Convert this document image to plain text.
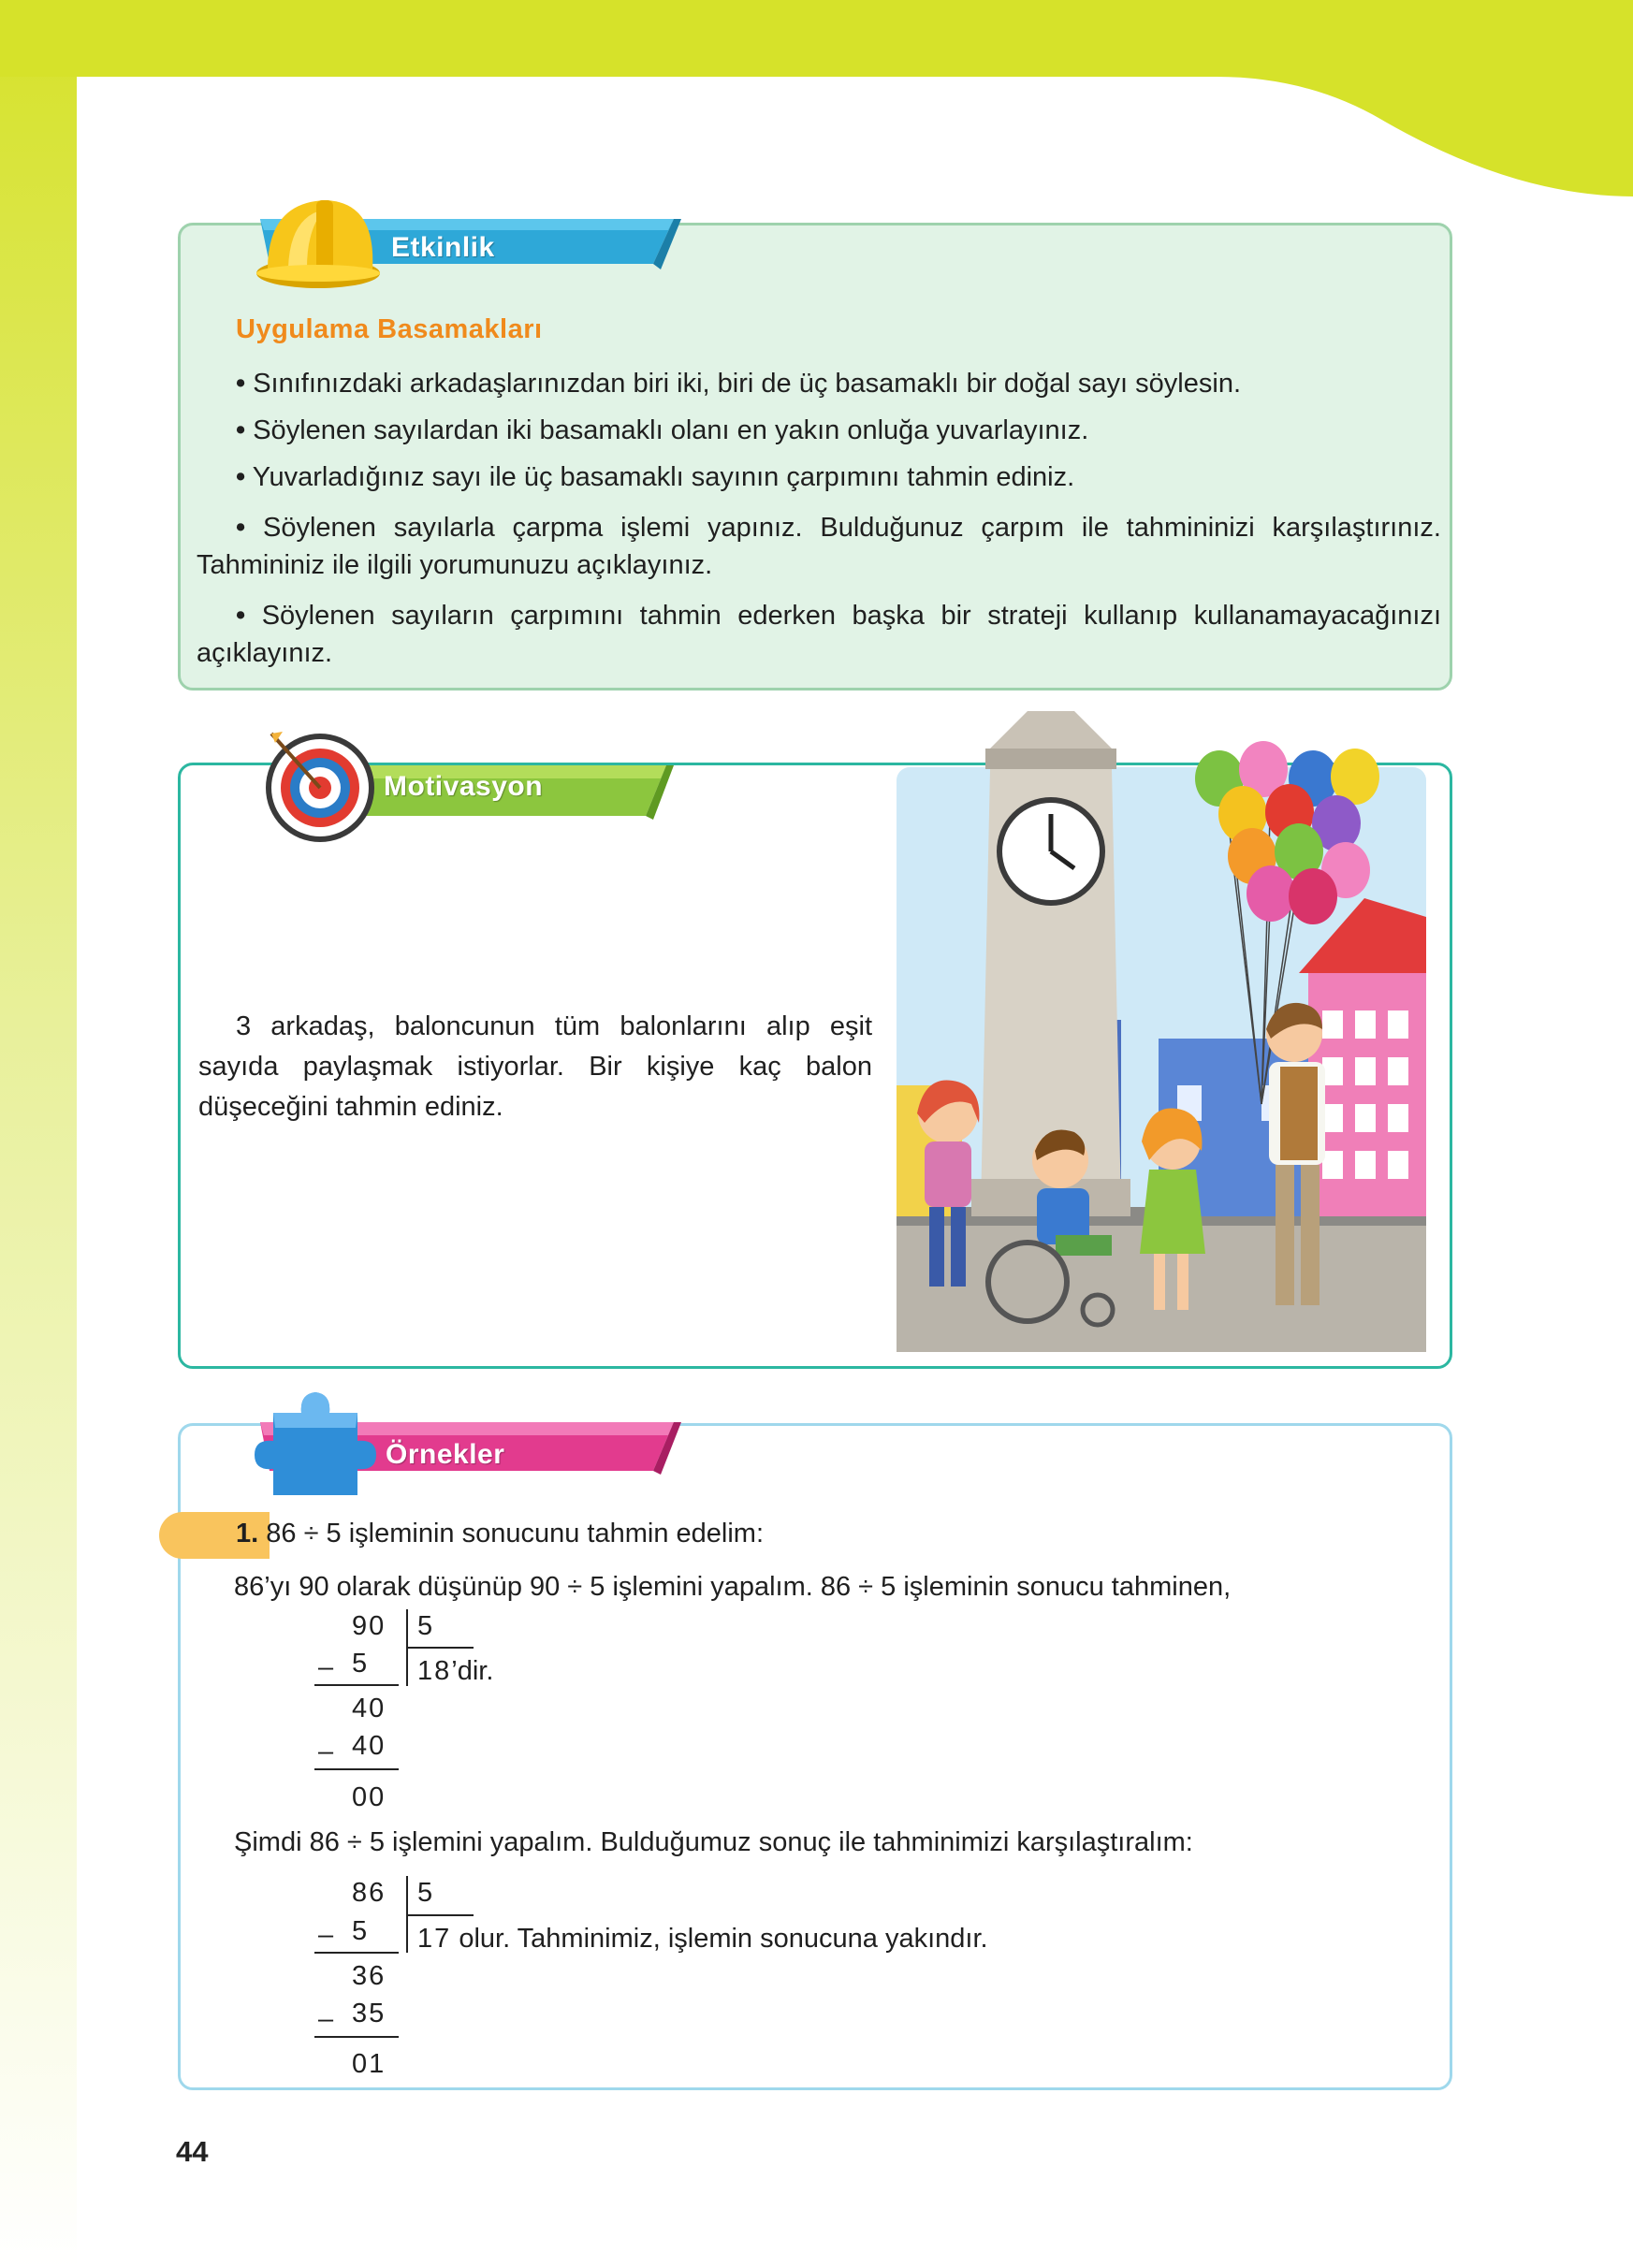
Etkinlik
Uygulama Basamakları
• Sınıfınızdaki arkadaşlarınızdan biri iki, biri de üç basamaklı bir doğal sayı söylesin.
• Söylenen sayılardan iki basamaklı olanı en yakın onluğa yuvarlayınız.
• Yuvarladığınız sayı ile üç basamaklı sayının çarpımını tahmin ediniz.
• Söylenen sayılarla çarpma işlemi yapınız. Bulduğunuz çarpım ile tahmininizi karşılaştırınız. Tahmininiz ile ilgili yorumunuzu açıklayınız.
• Söylenen sayıların çarpımını tahmin ederken başka bir strateji kullanıp kullanamayacağınızı açıklayınız.
Motivasyon
3 arkadaş, baloncunun tüm balonlarını alıp eşit sayıda paylaşmak istiyorlar. Bir kişiye kaç balon düşeceğini tahmin ediniz.
Örnekler
1. 86 ÷ 5 işleminin sonucunu tahmin edelim:
86’yı 90 olarak düşünüp 90 ÷ 5 işlemini yapalım. 86 ÷ 5 işleminin sonucu tahminen,
90 5
– 5 18’dir.
40
– 40
00
Şimdi 86 ÷ 5 işlemini yapalım. Bulduğumuz sonuç ile tahminimizi karşılaştıralım:
86 5
– 5 17 olur. Tahminimiz, işlemin sonucuna yakındır.
36
– 35
01
44
